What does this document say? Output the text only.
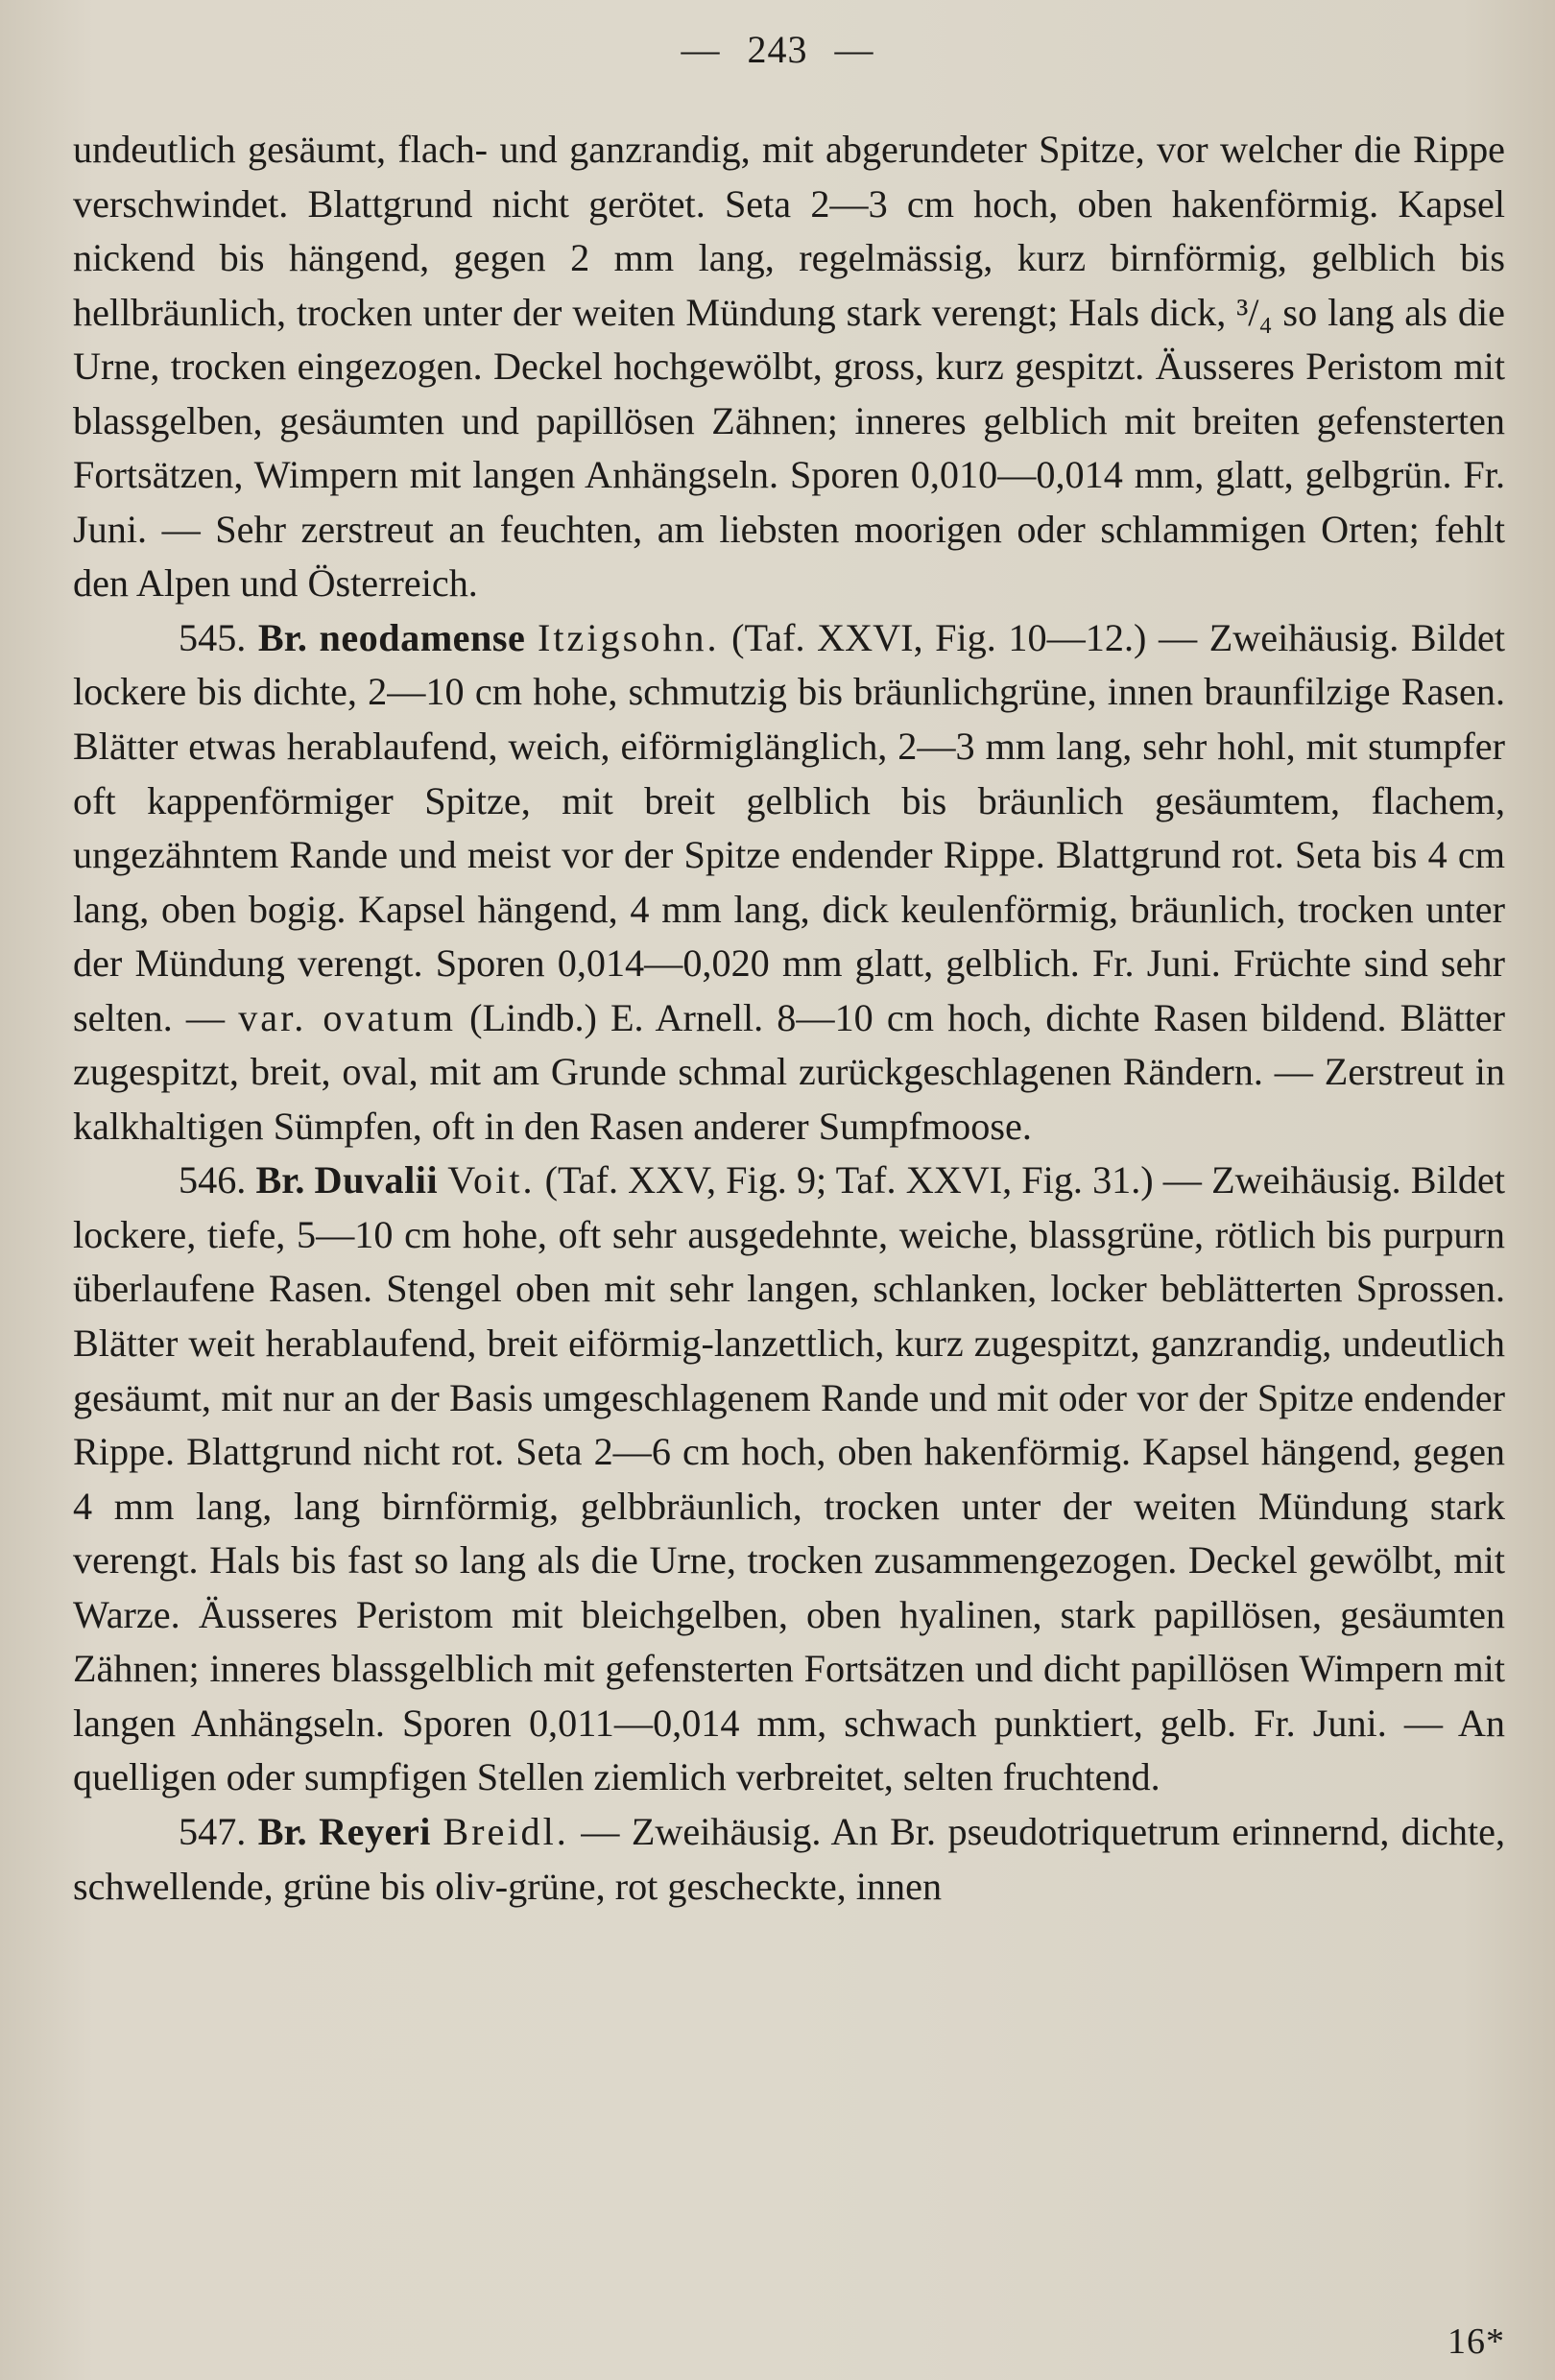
— 243 —

undeutlich gesäumt, flach- und ganzrandig, mit abgerundeter Spitze, vor welcher die Rippe verschwindet. Blattgrund nicht gerötet. Seta 2—3 cm hoch, oben hakenförmig. Kapsel nickend bis hängend, gegen 2 mm lang, regelmässig, kurz birnförmig, gelblich bis hellbräunlich, trocken unter der weiten Mündung stark verengt; Hals dick, ³/₄ so lang als die Urne, trocken eingezogen. Deckel hochgewölbt, gross, kurz gespitzt. Äusseres Peristom mit blassgelben, gesäumten und papillösen Zähnen; inneres gelblich mit breiten gefensterten Fortsätzen, Wimpern mit langen Anhängseln. Sporen 0,010—0,014 mm, glatt, gelbgrün. Fr. Juni. — Sehr zerstreut an feuchten, am liebsten moorigen oder schlammigen Orten; fehlt den Alpen und Österreich.

545. Br. neodamense Itzigsohn. (Taf. XXVI, Fig. 10—12.) — Zweihäusig. Bildet lockere bis dichte, 2—10 cm hohe, schmutzig bis bräunlichgrüne, innen braunfilzige Rasen. Blätter etwas herablaufend, weich, eiförmiglänglich, 2—3 mm lang, sehr hohl, mit stumpfer oft kappenförmiger Spitze, mit breit gelblich bis bräunlich gesäumtem, flachem, ungezähntem Rande und meist vor der Spitze endender Rippe. Blattgrund rot. Seta bis 4 cm lang, oben bogig. Kapsel hängend, 4 mm lang, dick keulenförmig, bräunlich, trocken unter der Mündung verengt. Sporen 0,014—0,020 mm glatt, gelblich. Fr. Juni. Früchte sind sehr selten. — var. ovatum (Lindb.) E. Arnell. 8—10 cm hoch, dichte Rasen bildend. Blätter zugespitzt, breit, oval, mit am Grunde schmal zurückgeschlagenen Rändern. — Zerstreut in kalkhaltigen Sümpfen, oft in den Rasen anderer Sumpfmoose.

546. Br. Duvalii Voit. (Taf. XXV, Fig. 9; Taf. XXVI, Fig. 31.) — Zweihäusig. Bildet lockere, tiefe, 5—10 cm hohe, oft sehr ausgedehnte, weiche, blassgrüne, rötlich bis purpurn überlaufene Rasen. Stengel oben mit sehr langen, schlanken, locker beblätterten Sprossen. Blätter weit herablaufend, breit eiförmig-lanzettlich, kurz zugespitzt, ganzrandig, undeutlich gesäumt, mit nur an der Basis umgeschlagenem Rande und mit oder vor der Spitze endender Rippe. Blattgrund nicht rot. Seta 2—6 cm hoch, oben hakenförmig. Kapsel hängend, gegen 4 mm lang, lang birnförmig, gelbbräunlich, trocken unter der weiten Mündung stark verengt. Hals bis fast so lang als die Urne, trocken zusammengezogen. Deckel gewölbt, mit Warze. Äusseres Peristom mit bleichgelben, oben hyalinen, stark papillösen, gesäumten Zähnen; inneres blassgelblich mit gefensterten Fortsätzen und dicht papillösen Wimpern mit langen Anhängseln. Sporen 0,011—0,014 mm, schwach punktiert, gelb. Fr. Juni. — An quelligen oder sumpfigen Stellen ziemlich verbreitet, selten fruchtend.

547. Br. Reyeri Breidl. — Zweihäusig. An Br. pseudotriquetrum erinnernd, dichte, schwellende, grüne bis oliv-grüne, rot gescheckte, innen

16*
